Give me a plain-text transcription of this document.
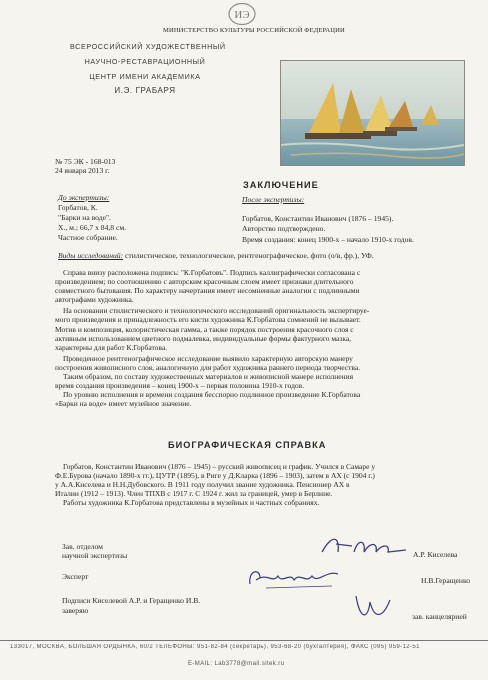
ИЭ
МИНИСТЕРСТВО КУЛЬТУРЫ РОССИЙСКОЙ ФЕДЕРАЦИИ
ВСЕРОССИЙСКИЙ ХУДОЖЕСТВЕННЫЙ
НАУЧНО-РЕСТАВРАЦИОННЫЙ
ЦЕНТР ИМЕНИ АКАДЕМИКА
И.Э. ГРАБАРЯ
№ 75 ЭК - 168-013
24 января 2013 г.
ЗАКЛЮЧЕНИЕ
До экспертизы:
Горбатов, К.
"Барки на воде".
Х., м.; 66,7 х 84,8 см.
Частное собрание.
После экспертизы:
Горбатов, Константин Иванович (1876 – 1945).
Авторство подтверждено.
Время создания: конец 1900-х – начало 1910-х годов.
Виды исследований: стилистическое, технологическое, рентгенографическое, фото (о/в, фр.), УФ.
Справа внизу расположена подпись: "К.Горбатовъ". Подпись каллиграфически согласована с
произведением; по соотношению с авторским красочным слоем имеет признаки длительного
совместного бытования. По характеру начертания имеет несомненные аналогии с подлинными
автографами художника.
На основании стилистического и технологического исследований оригинальность экспертируе-
мого произведения и принадлежность его кисти художника К.Горбатова сомнений не вызывает.
Мотив и композиция, колористическая гамма, а также порядок построения красочного слоя с
активным использованием цветного подмалевка, индивидуальные формы фактурного мазка,
характерны для работ К.Горбатова.
Проведенное рентгенографическое исследование выявило характерную авторскую манеру
построения живописного слоя, аналогичную для работ художника раннего периода творчества.
Таким образом, по составу художественных материалов и живописной манере исполнения
время создания произведения – конец 1900-х – первая половина 1910-х годов.
По уровню исполнения и времени создания бесспорно подлинное произведение К.Горбатова
«Барки на воде» имеет музейное значение.
БИОГРАФИЧЕСКАЯ СПРАВКА
Горбатов, Константин Иванович (1876 – 1945) – русский живописец и график. Учился в Самаре у
Ф.Е.Бурова (начало 1890-х гг.), ЦУТР (1895), в Риге у Д.Кларка (1896 – 1903), затем в АХ (с 1904 г.)
у А.А.Киселева и Н.Н.Дубовского. В 1911 году получил звание художника. Пенсионер АХ в
Италии (1912 – 1913). Член ТПХВ с 1917 г. С 1924 г. жил за границей, умер в Берлине.
Работы художника К.Горбатова представлены в музейных и частных собраниях.
Зав. отделом
научной экспертизы	А.Р. Киселева
Эксперт	Н.В.Геращенко
Подписи Киселевой А.Р. и Геращенко И.В.
заверяю
зав. канцелярией
133017, МОСКВА, БОЛЬШАЯ ОРДЫНКА, 60/2 ТЕЛЕФОНЫ: 951-82-84 (секретарь), 953-68-20 (бухгалтерия), ФАКС (095) 959-12-51
E-MAIL: Lab3778@mail.sitek.ru
